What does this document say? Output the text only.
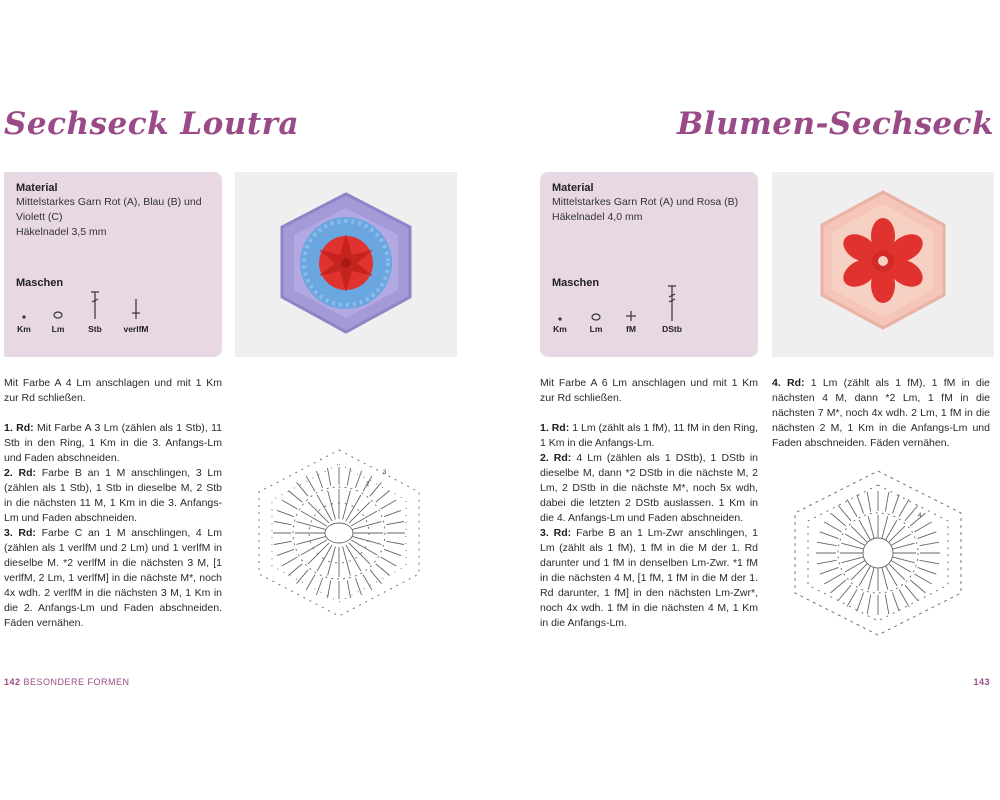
Sechseck Loutra
Material
Mittelstarkes Garn Rot (A), Blau (B) und
Violett (C)
Häkelnadel 3,5 mm
Maschen
Km	Lm	Stb	verlfM

Mit Farbe A 4 Lm anschlagen und mit 1 Km zur Rd schließen.

1. Rd: Mit Farbe A 3 Lm (zählen als 1 Stb), 11 Stb in den Ring, 1 Km in die 3. Anfangs-Lm und Faden abschneiden.
2. Rd: Farbe B an 1 M anschlingen, 3 Lm (zählen als 1 Stb), 1 Stb in dieselbe M, 2 Stb in die nächsten 11 M, 1 Km in die 3. Anfangs-Lm und Faden abschneiden.
3. Rd: Farbe C an 1 M anschlingen, 4 Lm (zählen als 1 verlfM und 2 Lm) und 1 verlfM in dieselbe M. *2 verlfM in die nächsten 3 M, [1 verlfM, 2 Lm, 1 verlfM] in die nächste M*, noch 4x wdh. 2 verlfM in die nächsten 3 M, 1 Km in die 2. Anfangs-Lm und Faden abschneiden. Fäden vernähen.
2
3
142 BESONDERE FORMEN
Blumen-Sechseck
Material
Mittelstarkes Garn Rot (A) und Rosa (B)
Häkelnadel 4,0 mm
Maschen
Km	Lm	fM	DStb

Mit Farbe A 6 Lm anschlagen und mit 1 Km zur Rd schließen.

1. Rd: 1 Lm (zählt als 1 fM), 11 fM in den Ring, 1 Km in die Anfangs-Lm.
2. Rd: 4 Lm (zählen als 1 DStb), 1 DStb in dieselbe M, dann *2 DStb in die nächste M, 2 Lm, 2 DStb in die nächste M*, noch 5x wdh, dabei die letzten 2 DStb auslassen. 1 Km in die 4. Anfangs-Lm und Faden abschneiden.
3. Rd: Farbe B an 1 Lm-Zwr anschlingen, 1 Lm (zählt als 1 fM), 1 fM in die M der 1. Rd darunter und 1 fM in denselben Lm-Zwr. *1 fM in die nächsten 4 M, [1 fM, 1 fM in die M der 1. Rd darunter, 1 fM] in den nächsten Lm-Zwr*, noch 4x wdh. 1 fM in die nächsten 4 M, 1 Km in die Anfangs-Lm.
4. Rd: 1 Lm (zählt als 1 fM), 1 fM in die nächsten 4 M, dann *2 Lm, 1 fM in die nächsten 7 M*, noch 4x wdh. 2 Lm, 1 fM in die nächsten 2 M, 1 Km in die Anfangs-Lm und Faden abschneiden. Fäden vernähen.
4
143
